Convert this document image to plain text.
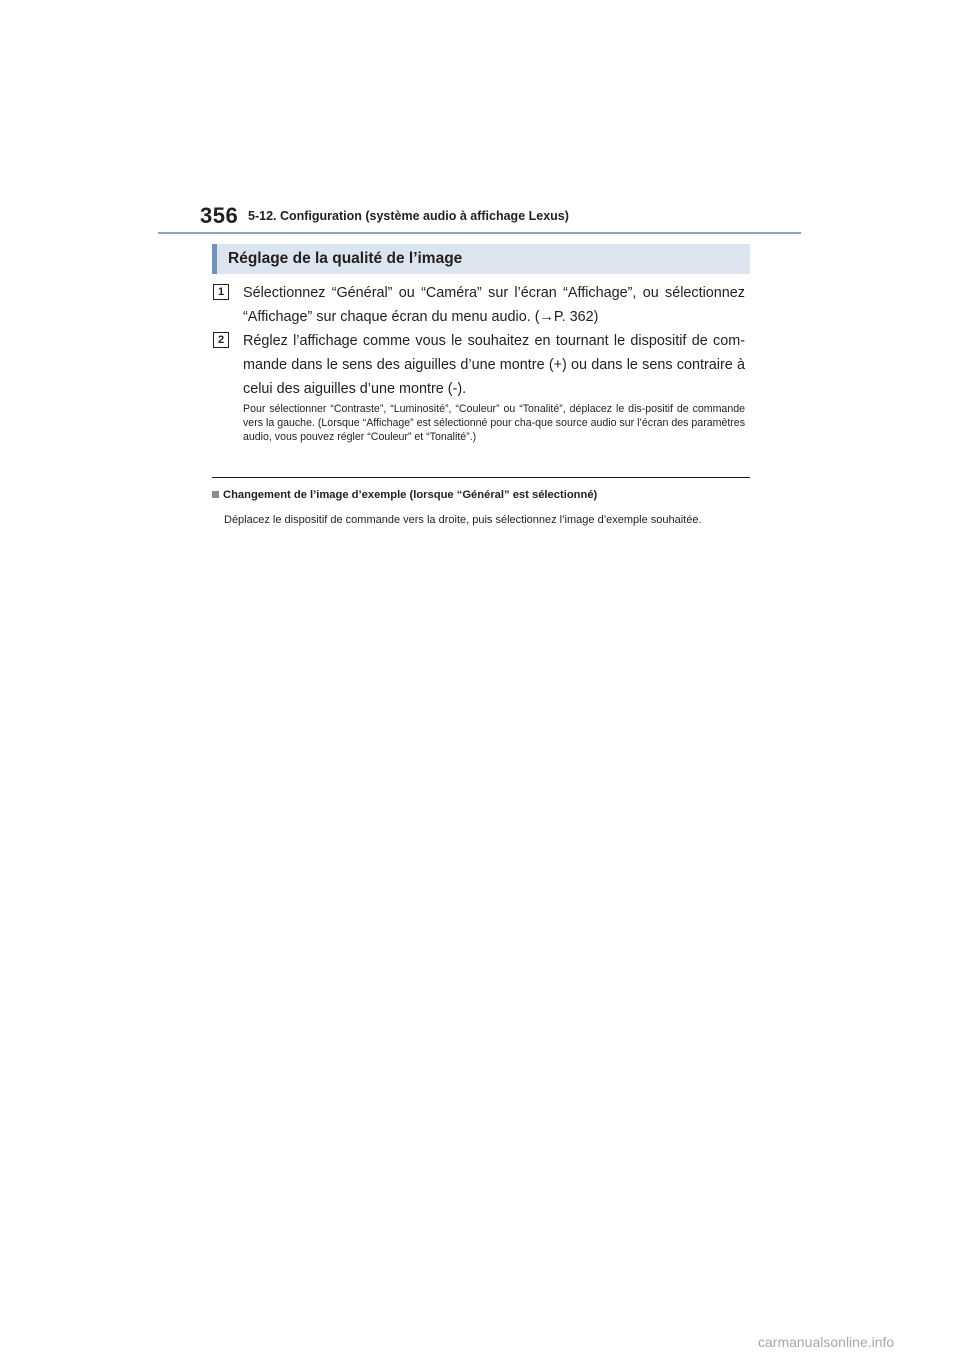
356 5-12. Configuration (système audio à affichage Lexus)
Réglage de la qualité de l’image
1	Sélectionnez “Général” ou “Caméra” sur l’écran “Affichage”, ou sélectionnez “Affichage” sur chaque écran du menu audio. (→P. 362)
2	Réglez l’affichage comme vous le souhaitez en tournant le dispositif de com-mande dans le sens des aiguilles d’une montre (+) ou dans le sens contraire à celui des aiguilles d’une montre (-).
Pour sélectionner “Contraste”, “Luminosité”, “Couleur” ou “Tonalité”, déplacez le dis-positif de commande vers la gauche. (Lorsque “Affichage” est sélectionné pour cha-que source audio sur l’écran des paramètres audio, vous pouvez régler “Couleur” et “Tonalité”.)
Changement de l’image d’exemple (lorsque “Général” est sélectionné)
Déplacez le dispositif de commande vers la droite, puis sélectionnez l’image d’exemple souhaitée.
carmanualsonline.info
